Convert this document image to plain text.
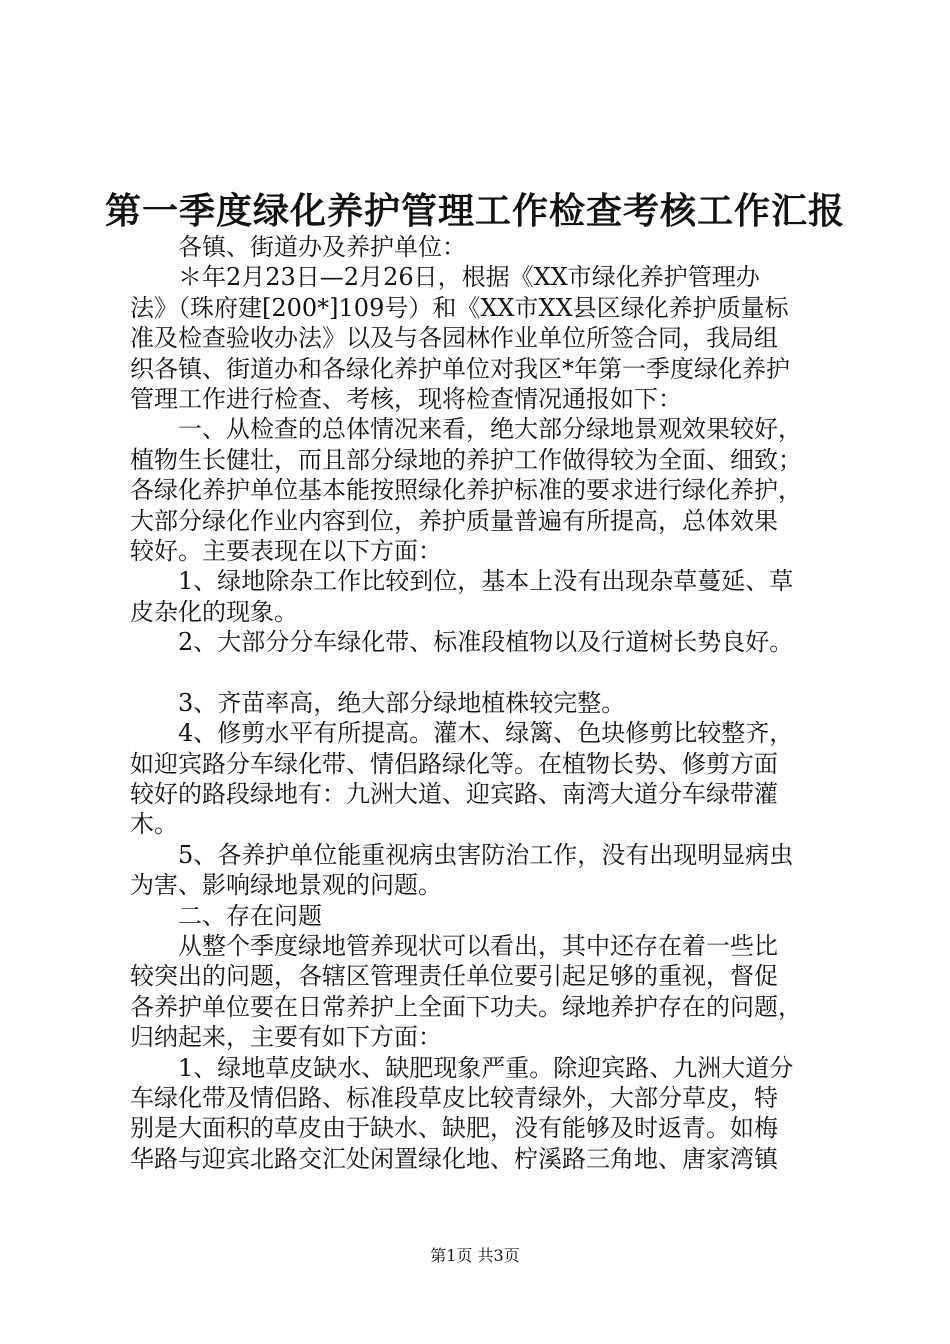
第一季度绿化养护管理工作检查考核工作汇报
　　各镇、街道办及养护单位：
　　＊年2月23日—2月26日，根据《XX市绿化养护管理办
法》（珠府建[200*]109号）和《XX市XX县区绿化养护质量标
准及检查验收办法》以及与各园林作业单位所签合同，我局组
织各镇、街道办和各绿化养护单位对我区*年第一季度绿化养护
管理工作进行检查、考核，现将检查情况通报如下：
　　一、从检查的总体情况来看，绝大部分绿地景观效果较好，
植物生长健壮，而且部分绿地的养护工作做得较为全面、细致；
各绿化养护单位基本能按照绿化养护标准的要求进行绿化养护，
大部分绿化作业内容到位，养护质量普遍有所提高，总体效果
较好。主要表现在以下方面：
　　1、绿地除杂工作比较到位，基本上没有出现杂草蔓延、草
皮杂化的现象。
　　2、大部分分车绿化带、标准段植物以及行道树长势良好。
　　3、齐苗率高，绝大部分绿地植株较完整。
　　4、修剪水平有所提高。灌木、绿篱、色块修剪比较整齐，
如迎宾路分车绿化带、情侣路绿化等。在植物长势、修剪方面
较好的路段绿地有：九洲大道、迎宾路、南湾大道分车绿带灌
木。
　　5、各养护单位能重视病虫害防治工作，没有出现明显病虫
为害、影响绿地景观的问题。
　　二、存在问题
　　从整个季度绿地管养现状可以看出，其中还存在着一些比
较突出的问题，各辖区管理责任单位要引起足够的重视，督促
各养护单位要在日常养护上全面下功夫。绿地养护存在的问题，
归纳起来，主要有如下方面：
　　1、绿地草皮缺水、缺肥现象严重。除迎宾路、九洲大道分
车绿化带及情侣路、标准段草皮比较青绿外，大部分草皮，特
别是大面积的草皮由于缺水、缺肥，没有能够及时返青。如梅
华路与迎宾北路交汇处闲置绿化地、柠溪路三角地、唐家湾镇
第1页 共3页
